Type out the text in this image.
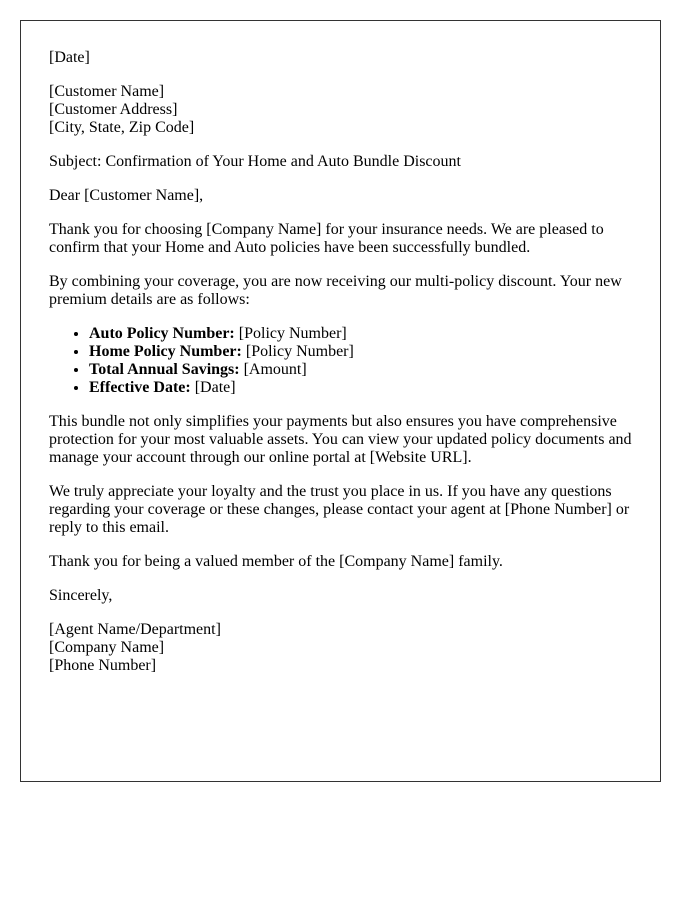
[Date]

[Customer Name]
[Customer Address]
[City, State, Zip Code]

Subject: Confirmation of Your Home and Auto Bundle Discount

Dear [Customer Name],

Thank you for choosing [Company Name] for your insurance needs. We are pleased to confirm that your Home and Auto policies have been successfully bundled.

By combining your coverage, you are now receiving our multi-policy discount. Your new premium details are as follows:

• Auto Policy Number: [Policy Number]
• Home Policy Number: [Policy Number]
• Total Annual Savings: [Amount]
• Effective Date: [Date]

This bundle not only simplifies your payments but also ensures you have comprehensive protection for your most valuable assets. You can view your updated policy documents and manage your account through our online portal at [Website URL].

We truly appreciate your loyalty and the trust you place in us. If you have any questions regarding your coverage or these changes, please contact your agent at [Phone Number] or reply to this email.

Thank you for being a valued member of the [Company Name] family.

Sincerely,

[Agent Name/Department]
[Company Name]
[Phone Number]
